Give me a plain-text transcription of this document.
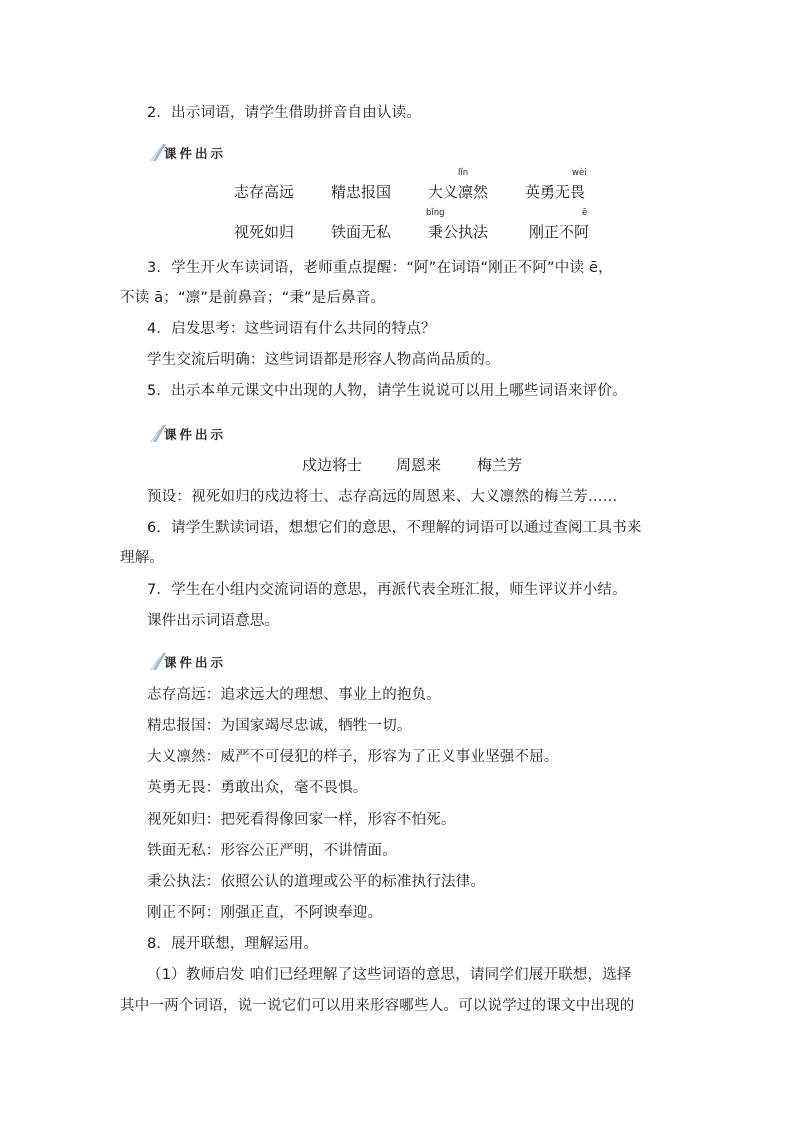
2．出示词语，请学生借助拼音自由认读。
课件出示
志存高远 精忠报国
lǐn
大义凛然
wèi
英勇无畏
视死如归 铁面无私
bǐng
秉公执法
ē
刚正不阿
3．学生开火车读词语，老师重点提醒：“阿”在词语“刚正不阿”中读 ē，
不读 ā；“凛”是前鼻音；“秉”是后鼻音。
4．启发思考：这些词语有什么共同的特点？
学生交流后明确：这些词语都是形容人物高尚品质的。
5．出示本单元课文中出现的人物，请学生说说可以用上哪些词语来评价。
课件出示
戍边将士 周恩来 梅兰芳
预设：视死如归的戍边将士、志存高远的周恩来、大义凛然的梅兰芳……
6．请学生默读词语，想想它们的意思，不理解的词语可以通过查阅工具书来
理解。
7．学生在小组内交流词语的意思，再派代表全班汇报，师生评议并小结。
课件出示词语意思。
课件出示
志存高远：追求远大的理想、事业上的抱负。
精忠报国：为国家竭尽忠诚，牺牲一切。
大义凛然：威严不可侵犯的样子，形容为了正义事业坚强不屈。
英勇无畏：勇敢出众，毫不畏惧。
视死如归：把死看得像回家一样，形容不怕死。
铁面无私：形容公正严明，不讲情面。
秉公执法：依照公认的道理或公平的标准执行法律。
刚正不阿：刚强正直，不阿谀奉迎。
8．展开联想，理解运用。
（1）教师启发 咱们已经理解了这些词语的意思，请同学们展开联想，选择
其中一两个词语，说一说它们可以用来形容哪些人。可以说学过的课文中出现的
